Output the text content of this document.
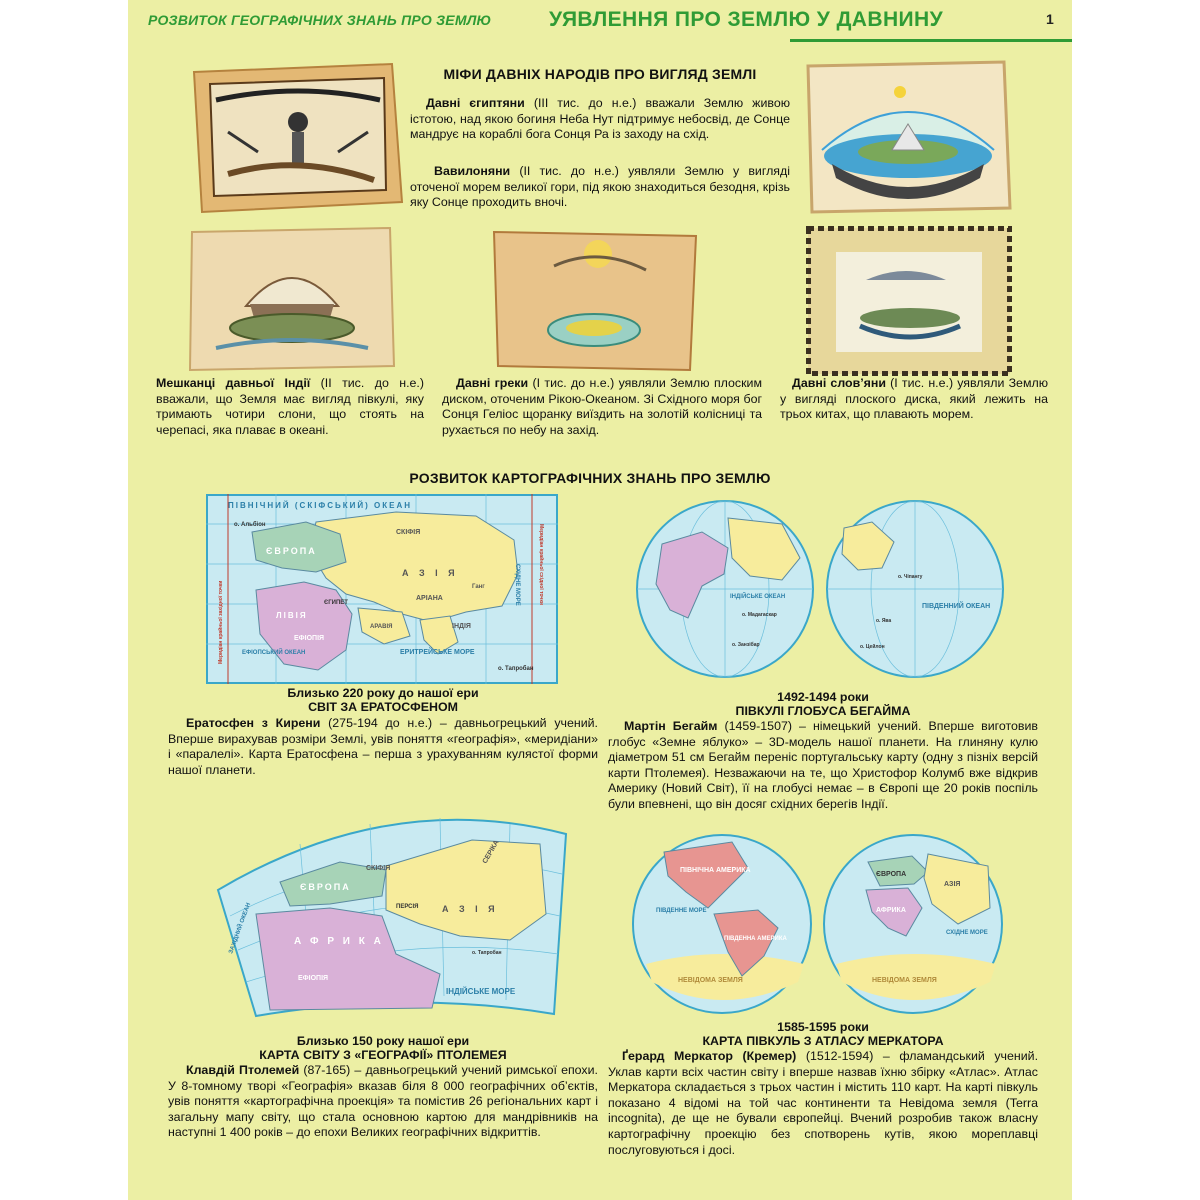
РОЗВИТОК ГЕОГРАФІЧНИХ ЗНАНЬ ПРО ЗЕМЛЮ	УЯВЛЕННЯ ПРО ЗЕМЛЮ У ДАВНИНУ	1
МІФИ ДАВНІХ НАРОДІВ ПРО ВИГЛЯД ЗЕМЛІ
Давні єгиптяни (ІІІ тис. до н.е.) вважали Землю живою істотою, над якою богиня Неба Нут підтримує небосвід, де Сонце мандрує на кораблі бога Сонця Ра із заходу на схід.
Вавилоняни (ІІ тис. до н.е.) уявляли Землю у вигляді оточеної морем великої гори, під якою знаходиться безодня, крізь яку Сонце проходить вночі.
Мешканці давньої Індії (ІІ тис. до н.е.) вважали, що Земля має вигляд півкулі, яку тримають чотири слони, що стоять на черепасі, яка плаває в океані.
Давні греки (І тис. до н.е.) уявляли Землю плоским диском, оточеним Рікою-Океаном. Зі Східного моря бог Сонця Геліос щоранку виїздить на золотій колісниці та рухається по небу на захід.
Давні слов’яни (І тис. н.е.) уявляли Землю у вигляді плоского диска, який лежить на трьох китах, що плавають морем.
РОЗВИТОК КАРТОГРАФІЧНИХ ЗНАНЬ ПРО ЗЕМЛЮ
ПІВНІЧНИЙ (СКІФСЬКИЙ) ОКЕАН
о. Альбіон
ЄВРОПА
СКІФІЯ
А З І Я
АРІАНА
Ганг
ІНДІЯ
ЄГИПЕТ
ЛІВІЯ
ЕФІОПІЯ
АРАВІЯ
ЕРИТРЕЙСЬКЕ МОРЕ
ЕФІОПСЬКИЙ ОКЕАН
о. Тапробан
СХІДНЕ МОРЕ
Меридіан крайньої західної точки
Меридіан крайньої східної точки	ІНДІЙСЬКЕ ОКЕАН
о. Мадагаскар
о. Занзібар
о. Чіпангу
о. Ява
о. Цейлон
ПІВДЕННИЙ ОКЕАН
Близько 220 року до нашої ери
СВІТ ЗА ЕРАТОСФЕНОМ
Ератосфен з Кирени (275-194 до н.е.) – давньогрецький учений. Вперше вирахував розміри Землі, увів поняття «географія», «меридіани» і «паралелі». Карта Ератосфена – перша з урахуванням кулястої форми нашої планети.
1492-1494 роки
ПІВКУЛІ ГЛОБУСА БЕГАЙМА
Мартін Бегайм (1459-1507) – німецький учений. Вперше виготовив глобус «Земне яблуко» – 3D-модель нашої планети. На глиняну кулю діаметром 51 см Бегайм переніс португальську карту (одну з пізніх версій карти Птолемея). Незважаючи на те, що Христофор Колумб вже відкрив Америку (Новий Світ), її на глобусі немає – в Європі ще 20 років поспіль були впевнені, що він досяг східних берегів Індії.
ЄВРОПА
СКІФІЯ
СЕРІКА
ПЕРСІЯ	А З І Я
А Ф Р И К А
ЕФІОПІЯ
ІНДІЙСЬКЕ МОРЕ
ЗАХІДНИЙ ОКЕАН	о. Тапробан
ПІВНІЧНА АМЕРИКА
ПІВДЕННА АМЕРИКА
ПІВДЕННЕ МОРЕ
ЄВРОПА
АФРИКА
АЗІЯ
СХІДНЕ МОРЕ
НЕВІДОМА ЗЕМЛЯ	НЕВІДОМА ЗЕМЛЯ
Близько 150 року нашої ери
КАРТА СВІТУ З «ГЕОГРАФІЇ» ПТОЛЕМЕЯ
Клавдій Птолемей (87-165) – давньогрецький учений римської епохи. У 8-томному творі «Географія» вказав біля 8 000 географічних об’єктів, увів поняття «картографічна проекція» та помістив 26 регіональних карт і загальну мапу світу, що стала основною картою для мандрівників на наступні 1 400 років – до епохи Великих географічних відкриттів.
1585-1595 роки
КАРТА ПІВКУЛЬ З АТЛАСУ МЕРКАТОРА
Ґерард Меркатор (Кремер) (1512-1594) – фламандський учений. Уклав карти всіх частин світу і вперше назвав їхню збірку «Атлас». Атлас Меркатора складається з трьох частин і містить 110 карт. На карті півкуль показано 4 відомі на той час континенти та Невідома земля (Terra incognita), де ще не бували європейці. Вчений розробив також власну картографічну проекцію без спотворень кутів, якою мореплавці послуговуються і досі.
